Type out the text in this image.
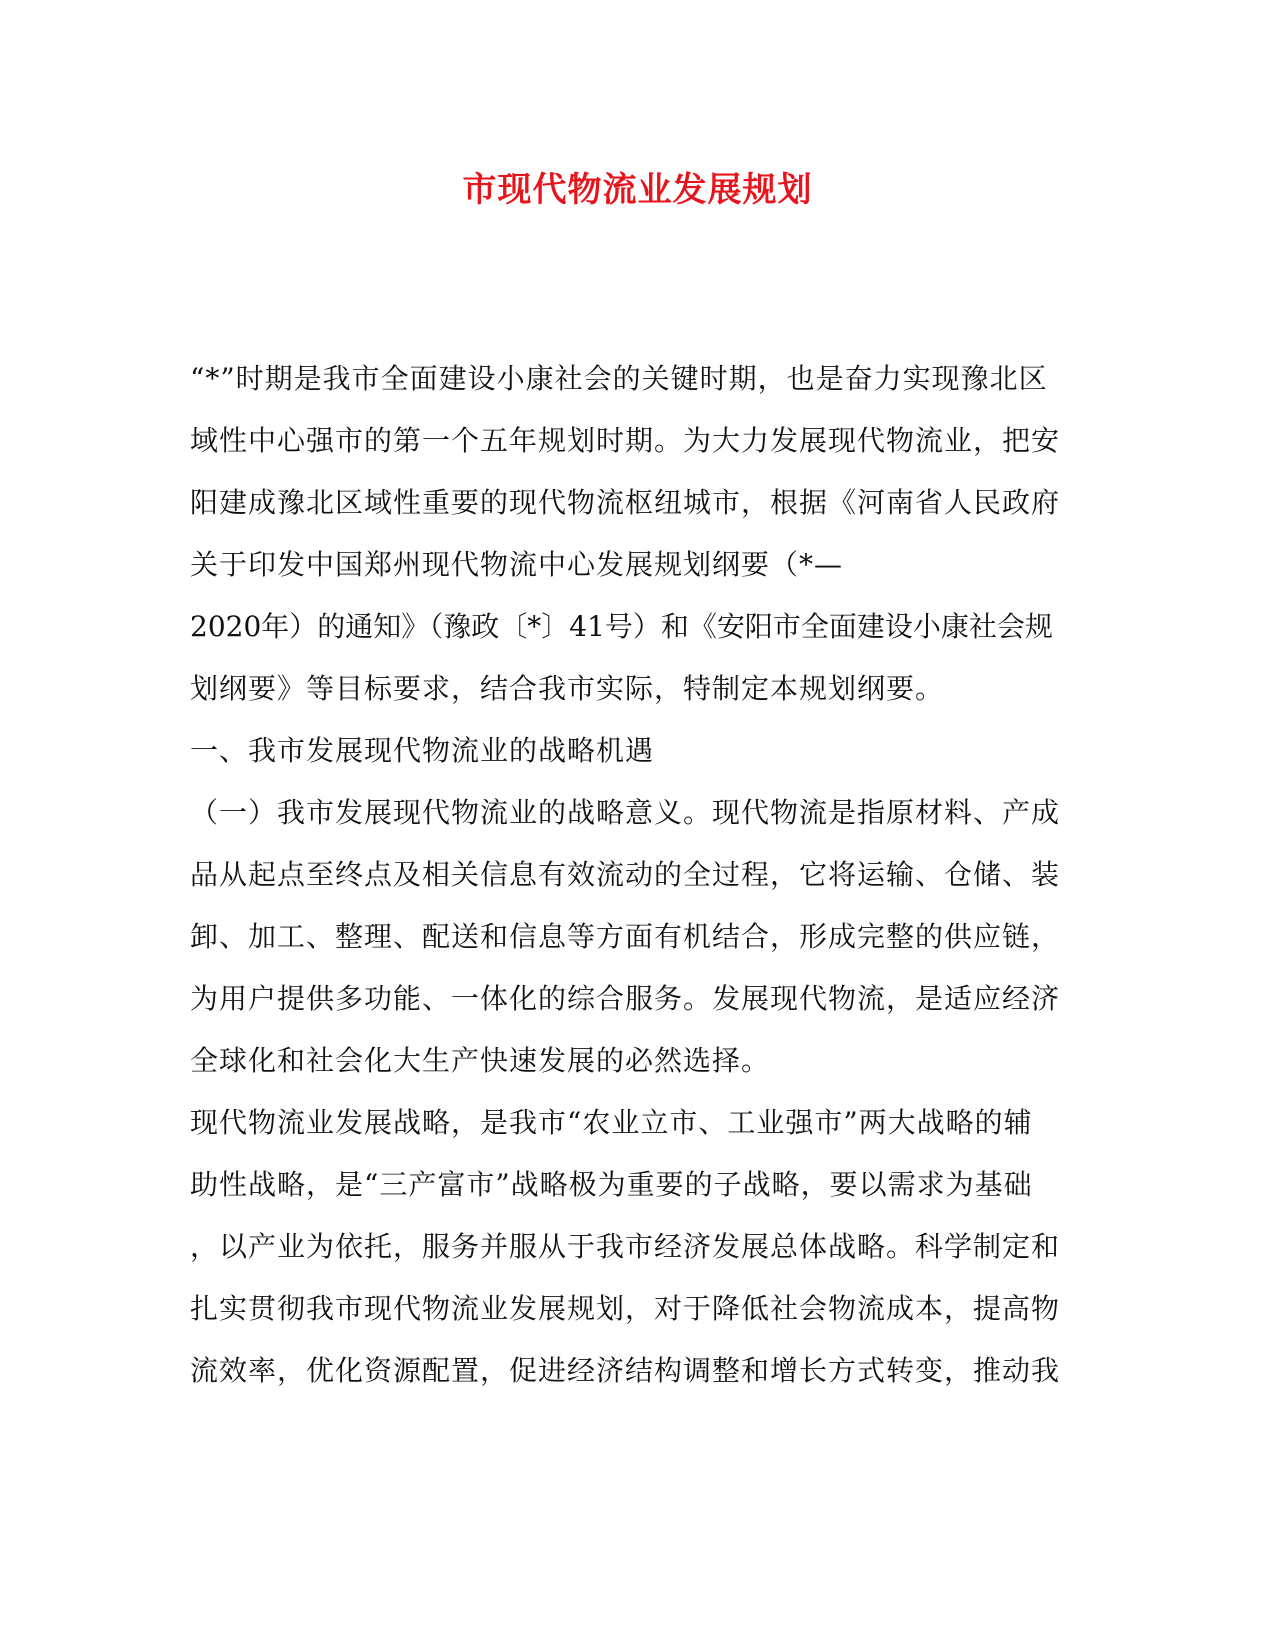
市现代物流业发展规划
“*”时期是我市全面建设小康社会的关键时期，也是奋力实现豫北区
域性中心强市的第一个五年规划时期。为大力发展现代物流业，把安
阳建成豫北区域性重要的现代物流枢纽城市，根据《河南省人民政府
关于印发中国郑州现代物流中心发展规划纲要（*—
2020年）的通知》（豫政〔*〕41号）和《安阳市全面建设小康社会规
划纲要》等目标要求，结合我市实际，特制定本规划纲要。
一、我市发展现代物流业的战略机遇
（一）我市发展现代物流业的战略意义。现代物流是指原材料、产成
品从起点至终点及相关信息有效流动的全过程，它将运输、仓储、装
卸、加工、整理、配送和信息等方面有机结合，形成完整的供应链，
为用户提供多功能、一体化的综合服务。发展现代物流，是适应经济
全球化和社会化大生产快速发展的必然选择。
现代物流业发展战略，是我市“农业立市、工业强市”两大战略的辅
助性战略，是“三产富市”战略极为重要的子战略，要以需求为基础
，以产业为依托，服务并服从于我市经济发展总体战略。科学制定和
扎实贯彻我市现代物流业发展规划，对于降低社会物流成本，提高物
流效率，优化资源配置，促进经济结构调整和增长方式转变，推动我
